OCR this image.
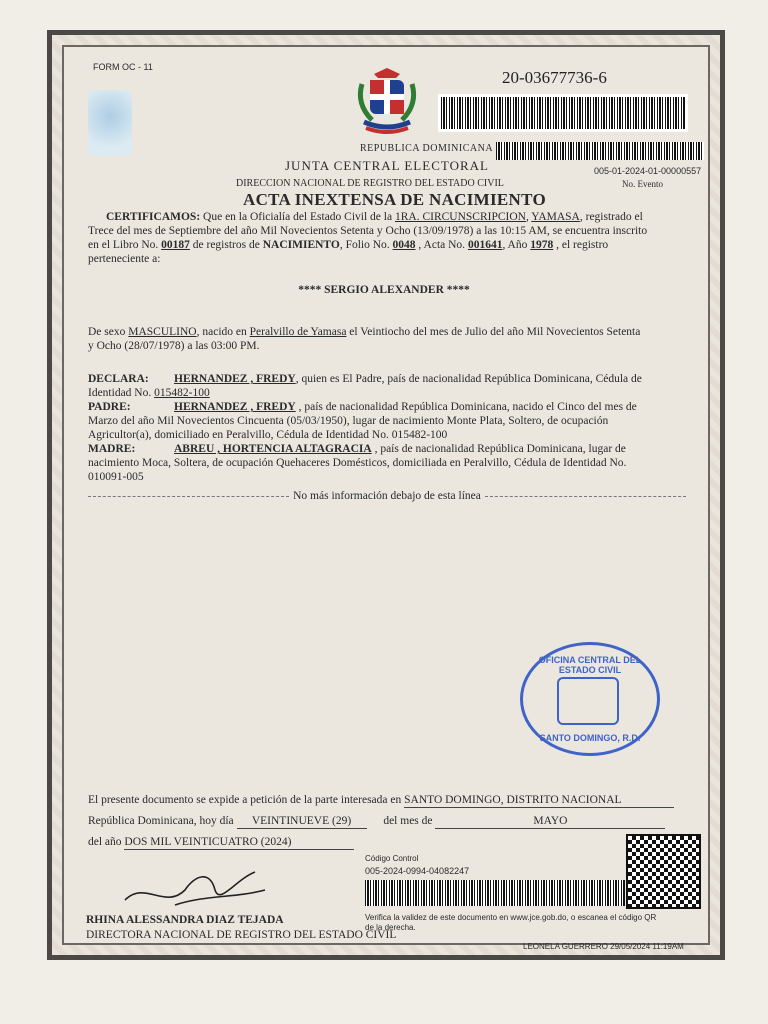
FORM OC - 11
20-03677736-6
REPUBLICA DOMINICANA
JUNTA CENTRAL ELECTORAL
DIRECCION NACIONAL DE REGISTRO DEL ESTADO CIVIL
005-01-2024-01-00000557
No. Evento
ACTA INEXTENSA DE NACIMIENTO
CERTIFICAMOS: Que en la Oficialía del Estado Civil de la 1RA. CIRCUNSCRIPCION, YAMASA, registrado el
Trece del mes de Septiembre del año Mil Novecientos Setenta y Ocho (13/09/1978) a las 10:15 AM, se encuentra inscrito
en el Libro No. 00187 de registros de NACIMIENTO, Folio No. 0048 , Acta No. 001641, Año 1978 , el registro
perteneciente a:
**** SERGIO ALEXANDER ****
De sexo MASCULINO, nacido en Peralvillo de Yamasa el Veintiocho del mes de Julio del año Mil Novecientos Setenta
y Ocho (28/07/1978) a las 03:00 PM.
DECLARA: HERNANDEZ , FREDY, quien es El Padre, país de nacionalidad República Dominicana, Cédula de
Identidad No. 015482-100
PADRE:	HERNANDEZ , FREDY , país de nacionalidad República Dominicana, nacido el Cinco del mes de
Marzo del año Mil Novecientos Cincuenta (05/03/1950), lugar de nacimiento Monte Plata, Soltero, de ocupación
Agricultor(a), domiciliado en Peralvillo, Cédula de Identidad No. 015482-100
MADRE:	ABREU , HORTENCIA ALTAGRACIA , país de nacionalidad República Dominicana, lugar de
nacimiento Moca, Soltera, de ocupación Quehaceres Domésticos, domiciliada en Peralvillo, Cédula de Identidad No.
010091-005
No más información debajo de esta línea
OFICINA CENTRAL DEL ESTADO CIVIL
SANTO DOMINGO, R.D.
El presente documento se expide a petición de la parte interesada en SANTO DOMINGO, DISTRITO NACIONAL
República Dominicana, hoy día VEINTINUEVE (29)	del mes de	MAYO
del año DOS MIL VEINTICUATRO (2024)
Código Control
005-2024-0994-04082247
Verifica la validez de este documento en www.jce.gob.do, o escanea el código QR
de la derecha.
RHINA ALESSANDRA DIAZ TEJADA
DIRECTORA NACIONAL DE REGISTRO DEL ESTADO CIVIL
LEONELA GUERRERO 29/05/2024 11:19AM
